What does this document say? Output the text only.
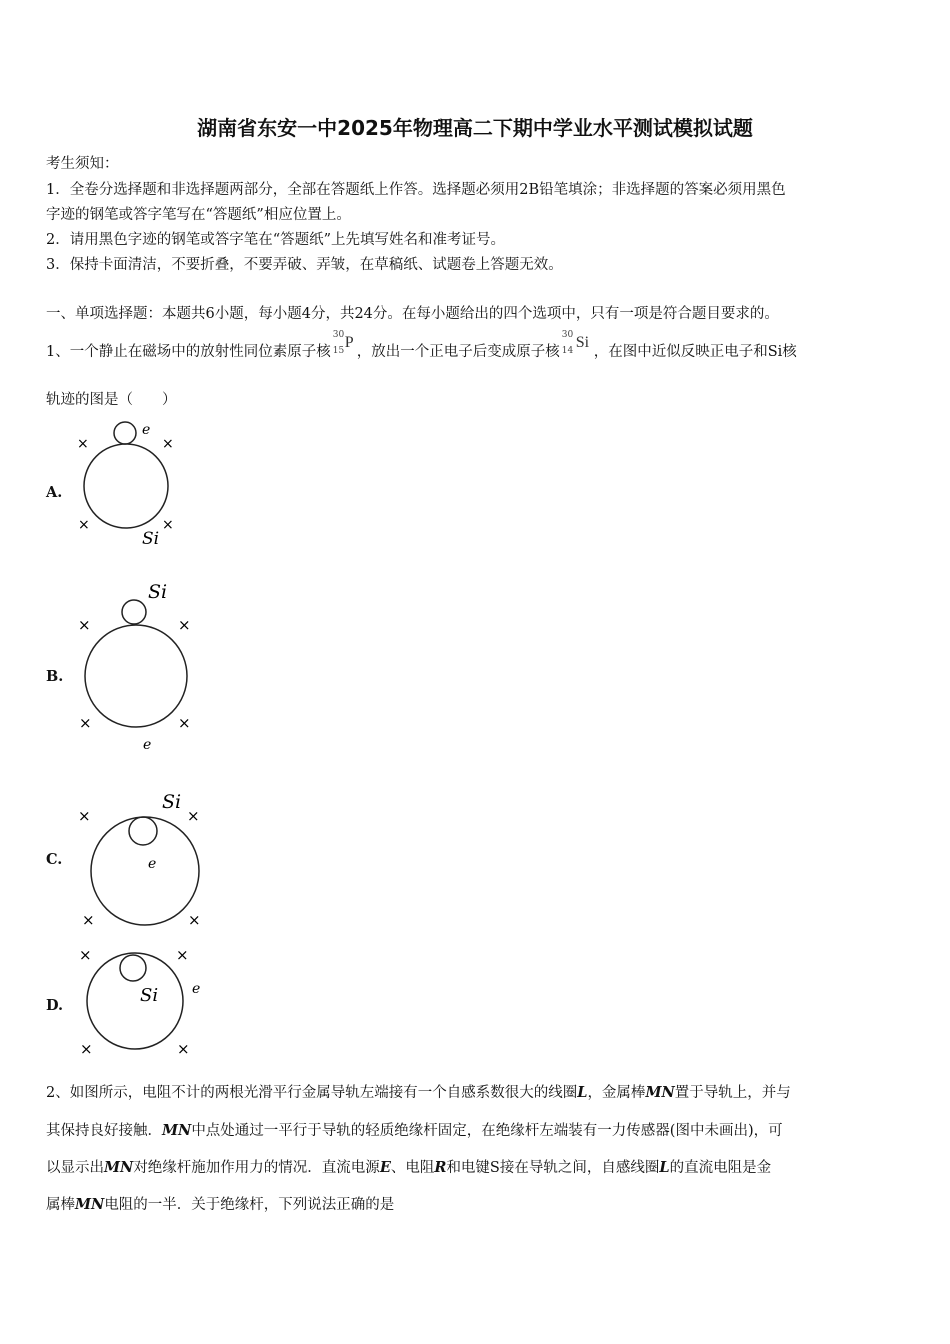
湖南省东安一中2025年物理高二下期中学业水平测试模拟试题
考生须知：
1．全卷分选择题和非选择题两部分，全部在答题纸上作答。选择题必须用2B铅笔填涂；非选择题的答案必须用黑色
字迹的钢笔或答字笔写在“答题纸”相应位置上。
2．请用黑色字迹的钢笔或答字笔在“答题纸”上先填写姓名和准考证号。
3．保持卡面清洁，不要折叠，不要弄破、弄皱，在草稿纸、试题卷上答题无效。
一、单项选择题：本题共6小题，每小题4分，共24分。在每小题给出的四个选项中，只有一项是符合题目要求的。
1、一个静止在磁场中的放射性同位素原子核
30
15 P
，放出一个正电子后变成原子核
30
14 Si
，在图中近似反映正电子和Si核
轨迹的图是（　　）
A.
e
Si
×	×
×	×
B.
Si
e
×	×
×	×
C.
Si
e
×	×
×	×
D.	Si e
×	×
×	×
2、如图所示，电阻不计的两根光滑平行金属导轨左端接有一个自感系数很大的线圈L，金属棒MN置于导轨上，并与
其保持良好接触．MN中点处通过一平行于导轨的轻质绝缘杆固定，在绝缘杆左端装有一力传感器(图中未画出)，可
以显示出MN对绝缘杆施加作用力的情况．直流电源E、电阻R和电键S接在导轨之间，自感线圈L的直流电阻是金
属棒MN电阻的一半．关于绝缘杆，下列说法正确的是
